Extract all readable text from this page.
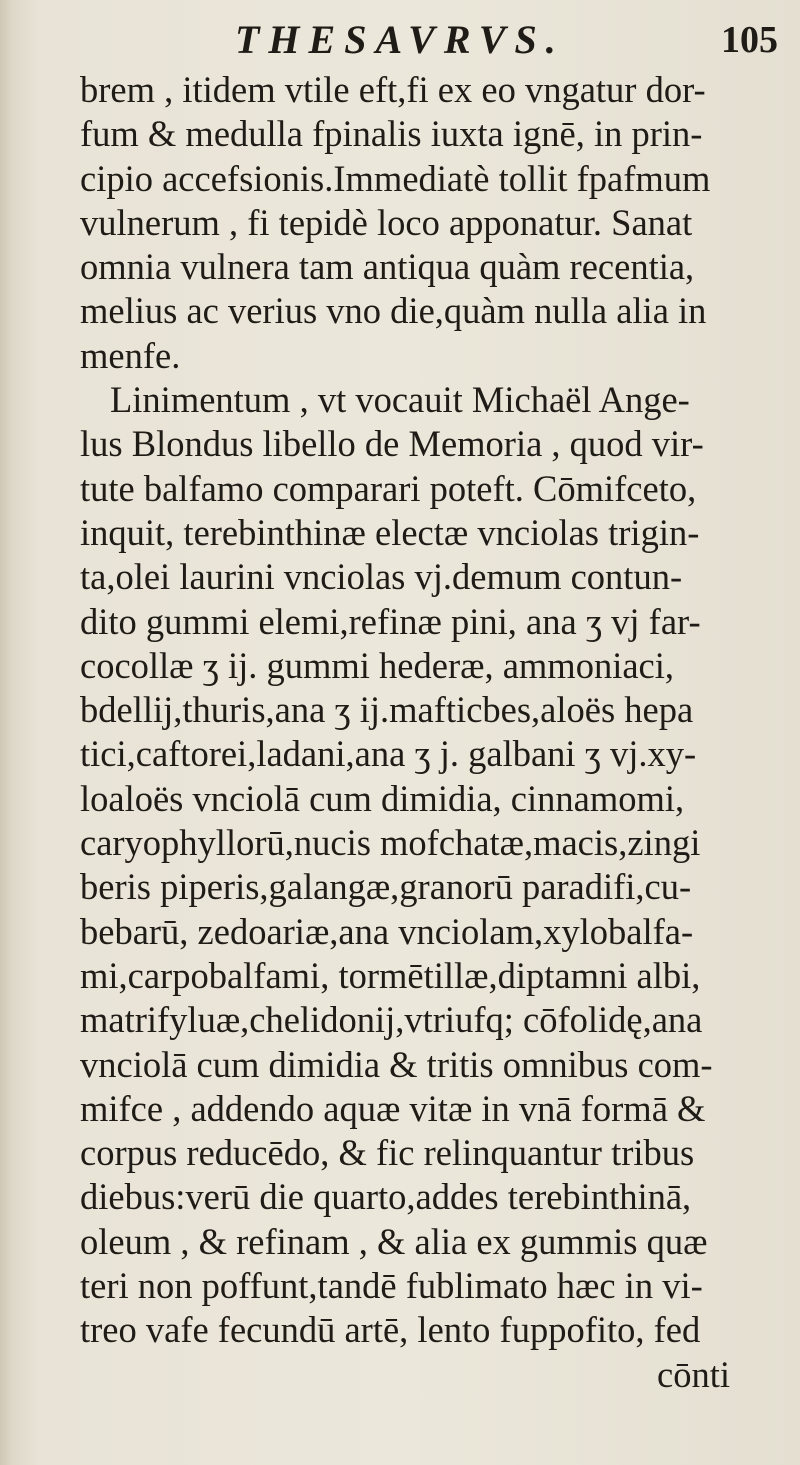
THESAVRVS.	105
brem , itidem vtile eft,fi ex eo vngatur dor-
fum & medulla fpinalis iuxta ignē, in prin-
cipio accefsionis.Immediatè tollit fpafmum
vulnerum , fi tepidè loco apponatur. Sanat
omnia vulnera tam antiqua quàm recentia,
melius ac verius vno die,quàm nulla alia in
menfe.
Linimentum , vt vocauit Michaël Ange-
lus Blondus libello de Memoria , quod vir-
tute balfamo comparari poteft. Cōmifceto,
inquit, terebinthinæ electæ vnciolas trigin-
ta,olei laurini vnciolas vj.demum contun-
dito gummi elemi,refinæ pini, ana ʒ vj far-
cocollæ ʒ ij. gummi hederæ, ammoniaci,
bdellij,thuris,ana ʒ ij.mafticbes,aloës hepa
tici,caftorei,ladani,ana ʒ j. galbani ʒ vj.xy-
loaloës vnciolā cum dimidia, cinnamomi,
caryophyllorū,nucis mofchatæ,macis,zingi
beris piperis,galangæ,granorū paradifi,cu-
bebarū, zedoariæ,ana vnciolam,xylobalfa-
mi,carpobalfami, tormētillæ,diptamni albi,
matrifyluæ,chelidonij,vtriufq; cōfolidę,ana
vnciolā cum dimidia & tritis omnibus com-
mifce , addendo aquæ vitæ in vnā formā &
corpus reducēdo, & fic relinquantur tribus
diebus:verū die quarto,addes terebinthinā,
oleum , & refinam , & alia ex gummis quæ
teri non poffunt,tandē fublimato hæc in vi-
treo vafe fecundū artē, lento fuppofito, fed
cōnti
